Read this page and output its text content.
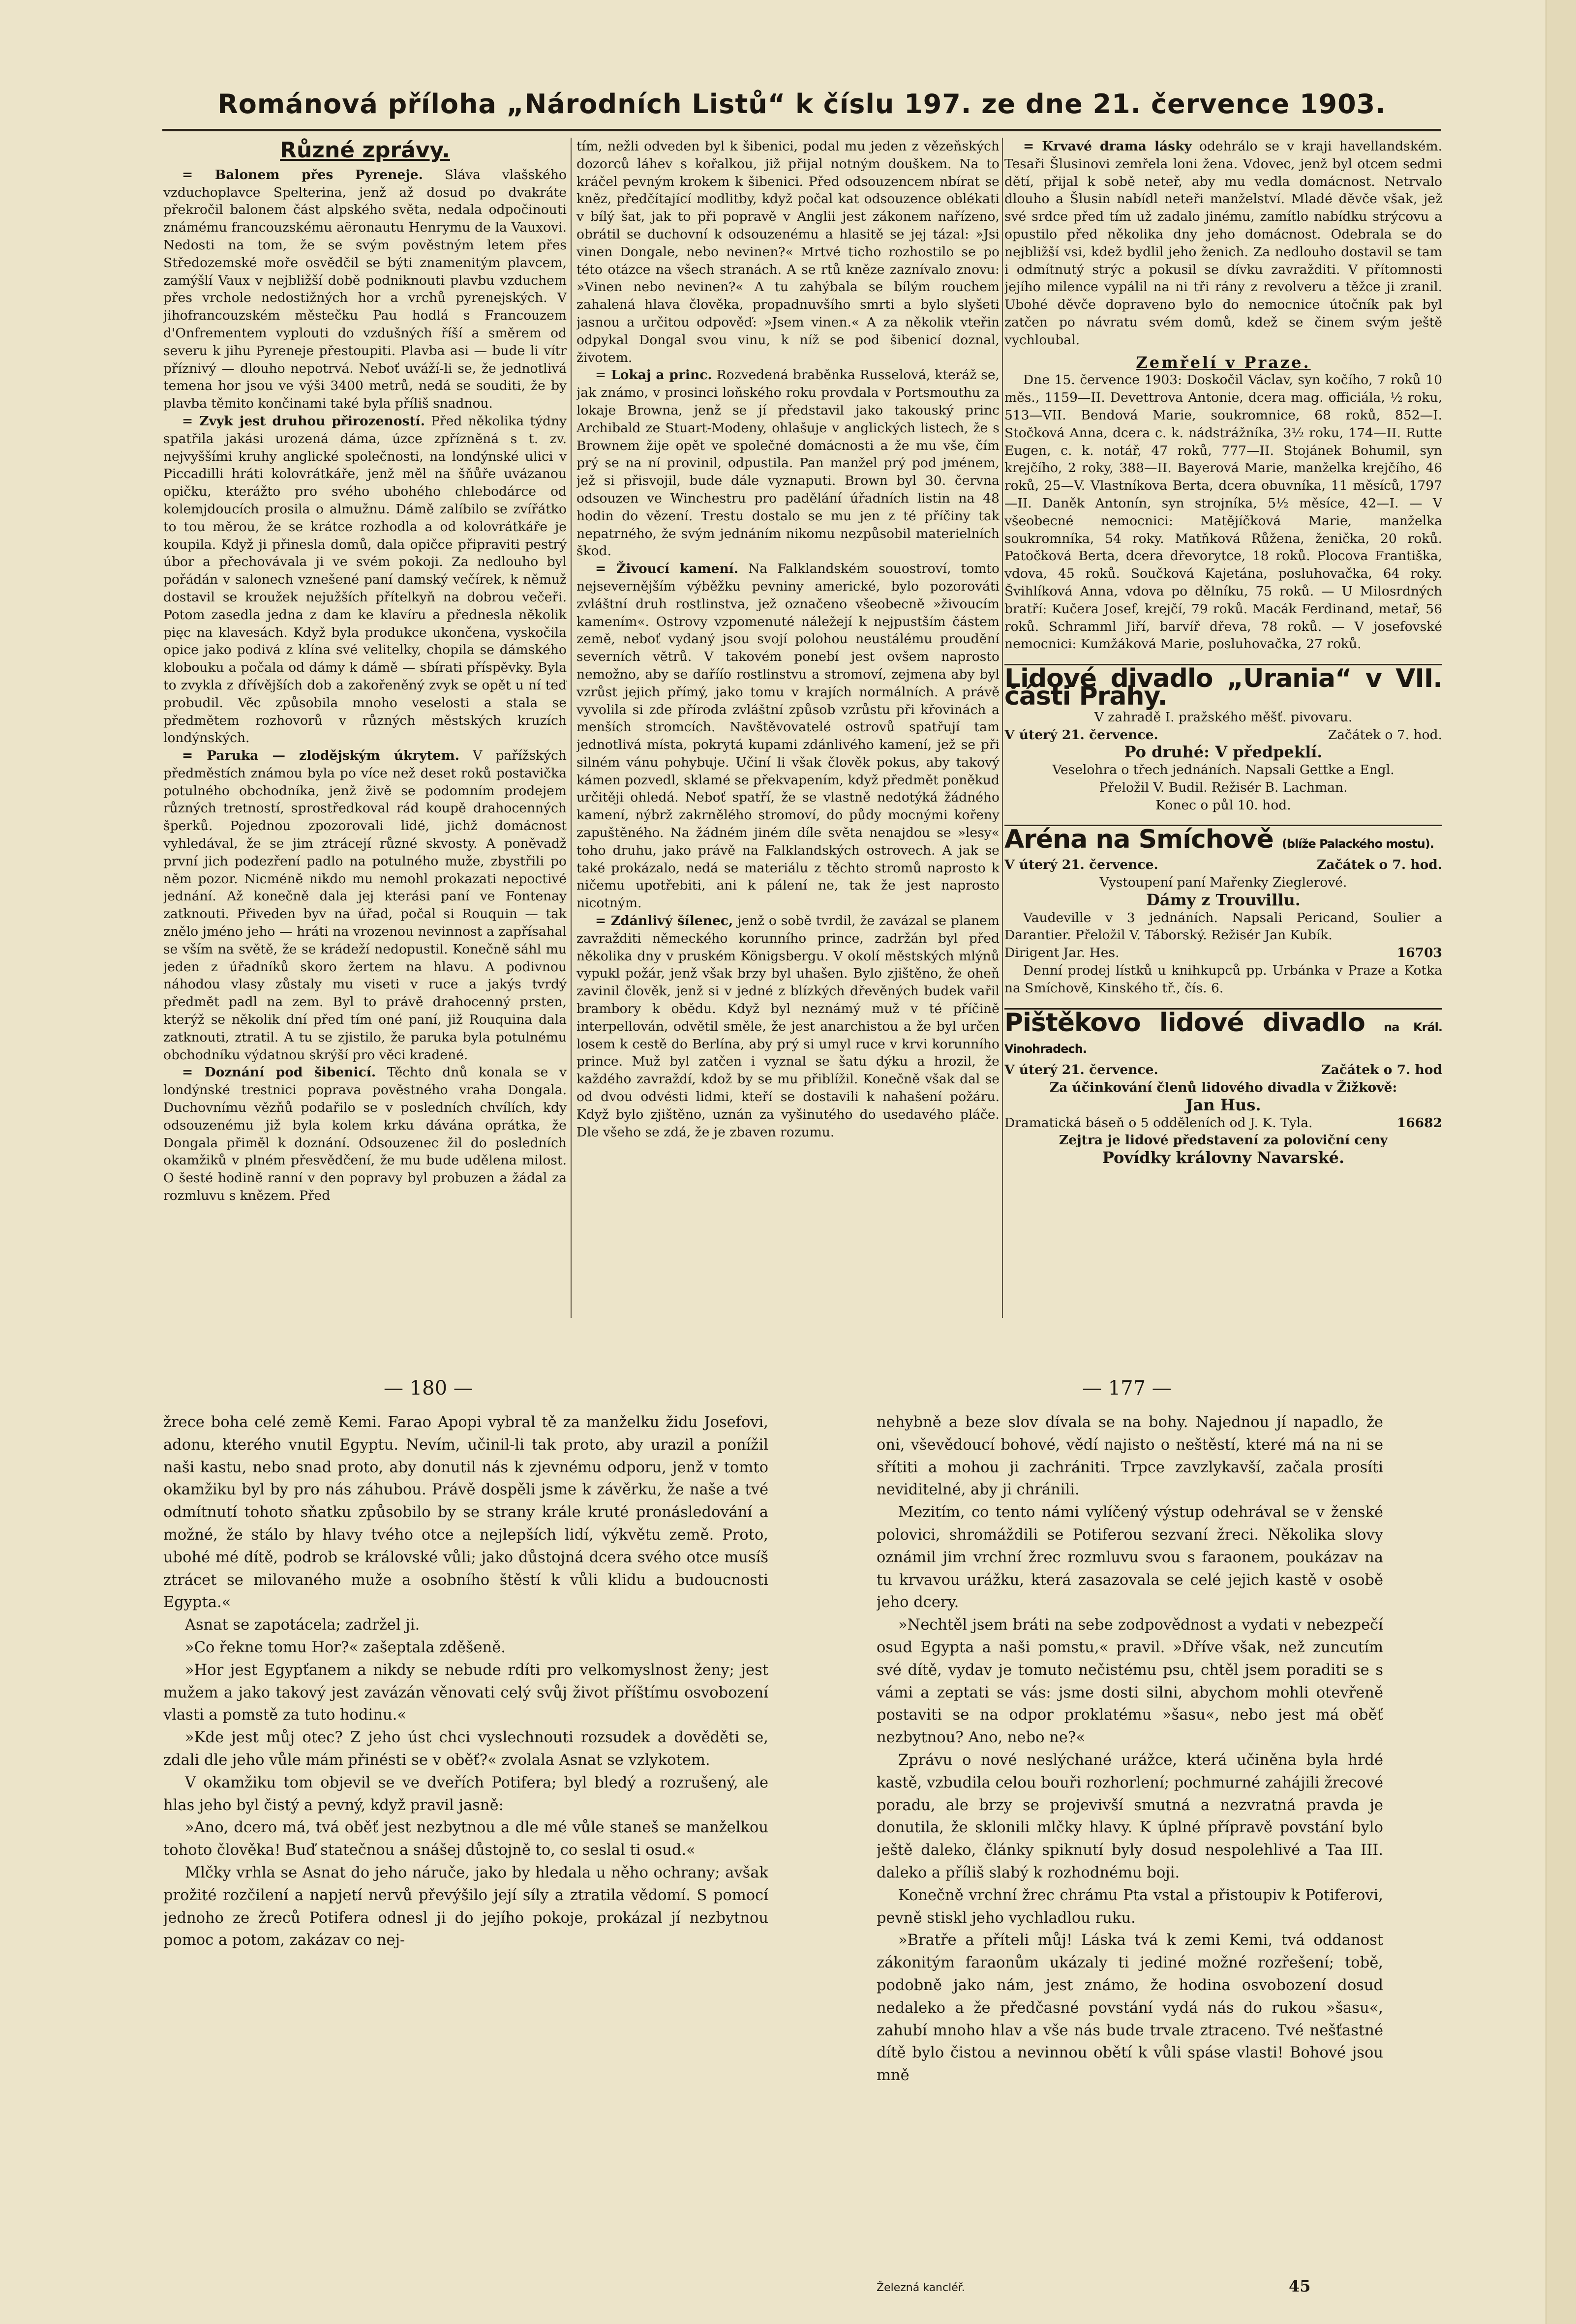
Románová příloha „Národních Listů“ k číslu 197. ze dne 21. července 1903.

Různé zprávy.

= Balonem přes Pyreneje. Sláva vlašského vzduchoplavce Spelterina, jenž až dosud po dvakráte překročil balonem část alpského světa, nedala odpočinouti známému francouzskému aëronautu Henrymu de la Vauxovi. Nedosti na tom, že se svým pověstným letem přes Středozemské moře osvědčil se býti znamenitým plavcem, zamýšlí Vaux v nejbližší době podniknouti plavbu vzduchem přes vrchole nedostižných hor a vrchů pyrenejských. V jihofrancouzském městečku Pau hodlá s Francouzem d'Onfrementem vyplouti do vzdušných říší a směrem od severu k jihu Pyreneje přestoupiti. Plavba asi — bude li vítr příznivý — dlouho nepotrvá. Neboť uváží-li se, že jednotlivá temena hor jsou ve výši 3400 metrů, nedá se souditi, že by plavba těmito končinami také byla příliš snadnou.

= Zvyk jest druhou přirozeností. Před několika týdny spatřila jakási urozená dáma, úzce zpřízněná s t. zv. nejvyššími kruhy anglické společnosti, na londýnské ulici v Piccadilli hráti kolovrátkáře, jenž měl na šňůře uvázanou opičku, kterážto pro svého ubohého chlebodárce od kolemjdoucích prosila o almužnu. Dámě zalíbilo se zvířátko to tou měrou, že se krátce rozhodla a od kolovrátkáře je koupila. Když ji přinesla domů, dala opičce připraviti pestrý úbor a přechovávala ji ve svém pokoji. Za nedlouho byl pořádán v salonech vznešené paní damský večírek, k němuž dostavil se kroužek nejužších přítelkyň na dobrou večeři. Potom zasedla jedna z dam ke klavíru a přednesla několik pięc na klavesách. Když byla produkce ukončena, vyskočila opice jako podivá z klína své velitelky, chopila se dámského klobouku a počala od dámy k dámě — sbírati příspěvky. Byla to zvykla z dřívějších dob a zakořeněný zvyk se opět u ní teď probudil. Věc způsobila mnoho veselosti a stala se předmětem rozhovorů v různých městských kruzích londýnských.

= Paruka — zlodějským úkrytem. V pařížských předměstích známou byla po více než deset roků postavička potulného obchodníka, jenž živě se podomním prodejem různých tretností, sprostředkoval rád koupě drahocenných šperků. Pojednou zpozorovali lidé, jichž domácnost vyhledával, že se jim ztrácejí různé skvosty. A poněvadž první jich podezření padlo na potulného muže, zbystřili po něm pozor. Nicméně nikdo mu nemohl prokazati nepoctivé jednání. Až konečně dala jej kterási paní ve Fontenay zatknouti. Přiveden byv na úřad, počal si Rouquin — tak znělo jméno jeho — hráti na vrozenou nevinnost a zapřísahal se vším na světě, že se krádeží nedopustil. Konečně sáhl mu jeden z úřadníků skoro žertem na hlavu. A podivnou náhodou vlasy zůstaly mu viseti v ruce a jakýs tvrdý předmět padl na zem. Byl to právě drahocenný prsten, kterýž se několik dní před tím oné paní, již Rouquina dala zatknouti, ztratil. A tu se zjistilo, že paruka byla potulnému obchodníku výdatnou skrýší pro věci kradené.

= Doznání pod šibenicí. Těchto dnů konala se v londýnské trestnici poprava pověstného vraha Dongala. Duchovnímu vězňů podařilo se v posledních chvílích, kdy odsouzenému již byla kolem krku dávána oprátka, že Dongala přiměl k doznání. Odsouzenec žil do posledních okamžiků v plném přesvědčení, že mu bude udělena milost. O šesté hodině ranní v den popravy byl probuzen a žádal za rozmluvu s knězem. Před

tím, nežli odveden byl k šibenici, podal mu jeden z vězeňských dozorců láhev s kořalkou, již přijal notným douškem. Na to kráčel pevným krokem k šibenici. Před odsouzencem nbírat se kněz, předčítající modlitby, když počal kat odsouzence oblékati v bílý šat, jak to při popravě v Anglii jest zákonem nařízeno, obrátil se duchovní k odsouzenému a hlasitě se jej tázal: »Jsi vinen Dongale, nebo nevinen?« Mrtvé ticho rozhostilo se po této otázce na všech stranách. A se rtů kněze zaznívalo znovu: »Vinen nebo nevinen?« A tu zahýbala se bílým rouchem zahalená hlava člověka, propadnuvšího smrti a bylo slyšeti jasnou a určitou odpověď: »Jsem vinen.« A za několik vteřin odpykal Dongal svou vinu, k níž se pod šibenicí doznal, životem.

= Lokaj a princ. Rozvedená braběnka Russelová, kteráž se, jak známo, v prosinci loňského roku provdala v Portsmouthu za lokaje Browna, jenž se jí představil jako takouský princ Archibald ze Stuart-Modeny, ohlašuje v anglických listech, že s Brownem žije opět ve společné domácnosti a že mu vše, čím prý se na ní provinil, odpustila. Pan manžel prý pod jménem, jež si přisvojil, bude dále vyznaputi. Brown byl 30. června odsouzen ve Winchestru pro padělání úřadních listin na 48 hodin do vězení. Trestu dostalo se mu jen z té příčiny tak nepatrného, že svým jednáním nikomu nezpůsobil materielních škod.

= Živoucí kamení. Na Falklandském souostroví, tomto nejsevernějším výběžku pevniny americké, bylo pozorováti zvláštní druh rostlinstva, jež označeno všeobecně »živoucím kamením«. Ostrovy vzpomenuté náležejí k nejpustším částem země, neboť vydaný jsou svojí polohou neustálému proudění severních větrů. V takovém ponebí jest ovšem naprosto nemožno, aby se daříío rostlinstvu a stromoví, zejmena aby byl vzrůst jejich přímý, jako tomu v krajích normálních. A právě vyvolila si zde příroda zvláštní způsob vzrůstu při křovinách a menších stromcích. Navštěvovatelé ostrovů spatřují tam jednotlivá místa, pokrytá kupami zdánlivého kamení, jež se při silném vánu pohybuje. Učiní li však člověk pokus, aby takový kámen pozvedl, sklamé se překvapením, když předmět poněkud určitěji ohledá. Neboť spatří, že se vlastně nedotýká žádného kamení, nýbrž zakrnělého stromoví, do půdy mocnými kořeny zapuštěného. Na žádném jiném díle světa nenajdou se »lesy« toho druhu, jako právě na Falklandských ostrovech. A jak se také prokázalo, nedá se materiálu z těchto stromů naprosto k ničemu upotřebiti, ani k pálení ne, tak že jest naprosto nicotným.

= Zdánlivý šílenec, jenž o sobě tvrdil, že zavázal se planem zavražditi německého korunního prince, zadržán byl před několika dny v pruském Königsbergu. V okolí městských mlýnů vypukl požár, jenž však brzy byl uhašen. Bylo zjištěno, že oheň zavinil člověk, jenž si v jedné z blízkých dřevěných budek vařil brambory k obědu. Když byl neznámý muž v té příčině interpellován, odvětil směle, že jest anarchistou a že byl určen losem k cestě do Berlína, aby prý si umyl ruce v krvi korunního prince. Muž byl zatčen i vyznal se šatu dýku a hrozil, že každého zavraždí, kdož by se mu přiblížil. Konečně však dal se od dvou odvésti lidmi, kteří se dostavili k nahašení požáru. Když bylo zjištěno, uznán za vyšinutého do usedavého pláče. Dle všeho se zdá, že je zbaven rozumu.

= Krvavé drama lásky odehrálo se v kraji havellandském. Tesaři Šlusinovi zemřela loni žena. Vdovec, jenž byl otcem sedmi dětí, přijal k sobě neteř, aby mu vedla domácnost. Netrvalo dlouho a Šlusin nabídl neteři manželství. Mladé děvče však, jež své srdce před tím už zadalo jinému, zamítlo nabídku strýcovu a opustilo před několika dny jeho domácnost. Odebrala se do nejbližší vsi, kdež bydlil jeho ženich. Za nedlouho dostavil se tam i odmítnutý strýc a pokusil se dívku zavražditi. V přítomnosti jejího milence vypálil na ni tři rány z revolveru a těžce ji zranil. Ubohé děvče dopraveno bylo do nemocnice útočník pak byl zatčen po návratu svém domů, kdež se činem svým ještě vychloubal.

Zemřelí v Praze.

Dne 15. července 1903: Doskočil Václav, syn kočího, 7 roků 10 měs., 1159—II. Devettrova Antonie, dcera mag. officiála, ½ roku, 513—VII. Bendová Marie, soukromnice, 68 roků, 852—I. Stočková Anna, dcera c. k. nádstrážníka, 3½ roku, 174—II. Rutte Eugen, c. k. notář, 47 roků, 777—II. Stojánek Bohumil, syn krejčího, 2 roky, 388—II. Bayerová Marie, manželka krejčího, 46 roků, 25—V. Vlastníkova Berta, dcera obuvníka, 11 měsíců, 1797—II. Daněk Antonín, syn strojníka, 5½ měsíce, 42—I. — V všeobecné nemocnici: Matějíčková Marie, manželka soukromníka, 54 roky. Matňková Růžena, ženička, 20 roků. Patočková Berta, dcera dřevorytce, 18 roků. Plocova Františka, vdova, 45 roků. Součková Kajetána, posluhovačka, 64 roky. Švihlíková Anna, vdova po dělníku, 75 roků. — U Milosrdných bratří: Kučera Josef, krejčí, 79 roků. Macák Ferdinand, metař, 56 roků. Schramml Jiří, barvíř dřeva, 78 roků. — V josefovské nemocnici: Kumžáková Marie, posluhovačka, 27 roků.

Lidové divadlo „Urania“ v VII. části Prahy.

V zahradě I. pražského měšť. pivovaru.

V úterý 21. července.	Začátek o 7. hod.

Po druhé: V předpeklí.

Veselohra o třech jednáních. Napsali Gettke a Engl.

Přeložil V. Budil. Režisér B. Lachman.

Konec o půl 10. hod.

Aréna na Smíchově (blíže Palackého mostu).

V úterý 21. července.	Začátek o 7. hod.

Vystoupení paní Mařenky Zieglerové.

Dámy z Trouvillu.

Vaudeville v 3 jednáních. Napsali Pericand, Soulier a Darantier. Přeložil V. Táborský. Režisér Jan Kubík.

Dirigent Jar. Hes.	16703

Denní prodej lístků u knihkupců pp. Urbánka v Praze a Kotka na Smíchově, Kinského tř., čís. 6.

Pištěkovo lidové divadlo na Král. Vinohradech.

V úterý 21. července.	Začátek o 7. hod

Za účinkování členů lidového divadla v Žižkově:

Jan Hus.

Dramatická báseň o 5 odděleních od J. K. Tyla.	16682

Zejtra je lidové představení za poloviční ceny

Povídky královny Navarské.

— 180 —	— 177 —

žrece boha celé země Kemi. Farao Apopi vybral tě za manželku židu Josefovi, adonu, kterého vnutil Egyptu. Nevím, učinil-li tak proto, aby urazil a ponížil naši kastu, nebo snad proto, aby donutil nás k zjevnému odporu, jenž v tomto okamžiku byl by pro nás záhubou. Právě dospěli jsme k závěrku, že naše a tvé odmítnutí tohoto sňatku způsobilo by se strany krále kruté pronásledování a možné, že stálo by hlavy tvého otce a nejlepších lidí, výkvětu země. Proto, ubohé mé dítě, podrob se královské vůli; jako důstojná dcera svého otce musíš ztrácet se milovaného muže a osobního štěstí k vůli klidu a budoucnosti Egypta.«

Asnat se zapotácela; zadržel ji.

»Co řekne tomu Hor?« zašeptala zděšeně.

»Hor jest Egypťanem a nikdy se nebude rdíti pro velkomyslnost ženy; jest mužem a jako takový jest zavázán věnovati celý svůj život příštímu osvobození vlasti a pomstě za tuto hodinu.«

»Kde jest můj otec? Z jeho úst chci vyslechnouti rozsudek a dověděti se, zdali dle jeho vůle mám přinésti se v oběť?« zvolala Asnat se vzlykotem.

V okamžiku tom objevil se ve dveřích Potifera; byl bledý a rozrušený, ale hlas jeho byl čistý a pevný, když pravil jasně:

»Ano, dcero má, tvá oběť jest nezbytnou a dle mé vůle staneš se manželkou tohoto člověka! Buď statečnou a snášej důstojně to, co seslal ti osud.«

Mlčky vrhla se Asnat do jeho náruče, jako by hledala u něho ochrany; avšak prožité rozčilení a napjetí nervů převýšilo její síly a ztratila vědomí. S pomocí jednoho ze žreců Potifera odnesl ji do jejího pokoje, prokázal jí nezbytnou pomoc a potom, zakázav co nej-

nehybně a beze slov dívala se na bohy. Najednou jí napadlo, že oni, vševědoucí bohové, vědí najisto o neštěstí, které má na ni se sřítiti a mohou ji zachrániti. Trpce zavzlykavší, začala prosíti neviditelné, aby ji chránili.

Mezitím, co tento námi vylíčený výstup odehrával se v ženské polovici, shromáždili se Potiferou sezvaní žreci. Několika slovy oznámil jim vrchní žrec rozmluvu svou s faraonem, poukázav na tu krvavou urážku, která zasazovala se celé jejich kastě v osobě jeho dcery.

»Nechtěl jsem bráti na sebe zodpovědnost a vydati v nebezpečí osud Egypta a naši pomstu,« pravil. »Dříve však, než zuncutím své dítě, vydav je tomuto nečistému psu, chtěl jsem poraditi se s vámi a zeptati se vás: jsme dosti silni, abychom mohli otevřeně postaviti se na odpor proklatému »šasu«, nebo jest má oběť nezbytnou? Ano, nebo ne?«

Zprávu o nové neslýchané urážce, která učiněna byla hrdé kastě, vzbudila celou bouři rozhorlení; pochmurné zahájili žrecové poradu, ale brzy se projevivší smutná a nezvratná pravda je donutila, že sklonili mlčky hlavy. K úplné přípravě povstání bylo ještě daleko, články spiknutí byly dosud nespolehlivé a Taa III. daleko a příliš slabý k rozhodnému boji.

Konečně vrchní žrec chrámu Pta vstal a přistoupiv k Potiferovi, pevně stiskl jeho vychladlou ruku.

»Bratře a příteli můj! Láska tvá k zemi Kemi, tvá oddanost zákonitým faraonům ukázaly ti jediné možné rozřešení; tobě, podobně jako nám, jest známo, že hodina osvobození dosud nedaleko a že předčasné povstání vydá nás do rukou »šasu«, zahubí mnoho hlav a vše nás bude trvale ztraceno. Tvé nešťastné dítě bylo čistou a nevinnou obětí k vůli spáse vlasti! Bohové jsou mně

Železná kancléř.	45
